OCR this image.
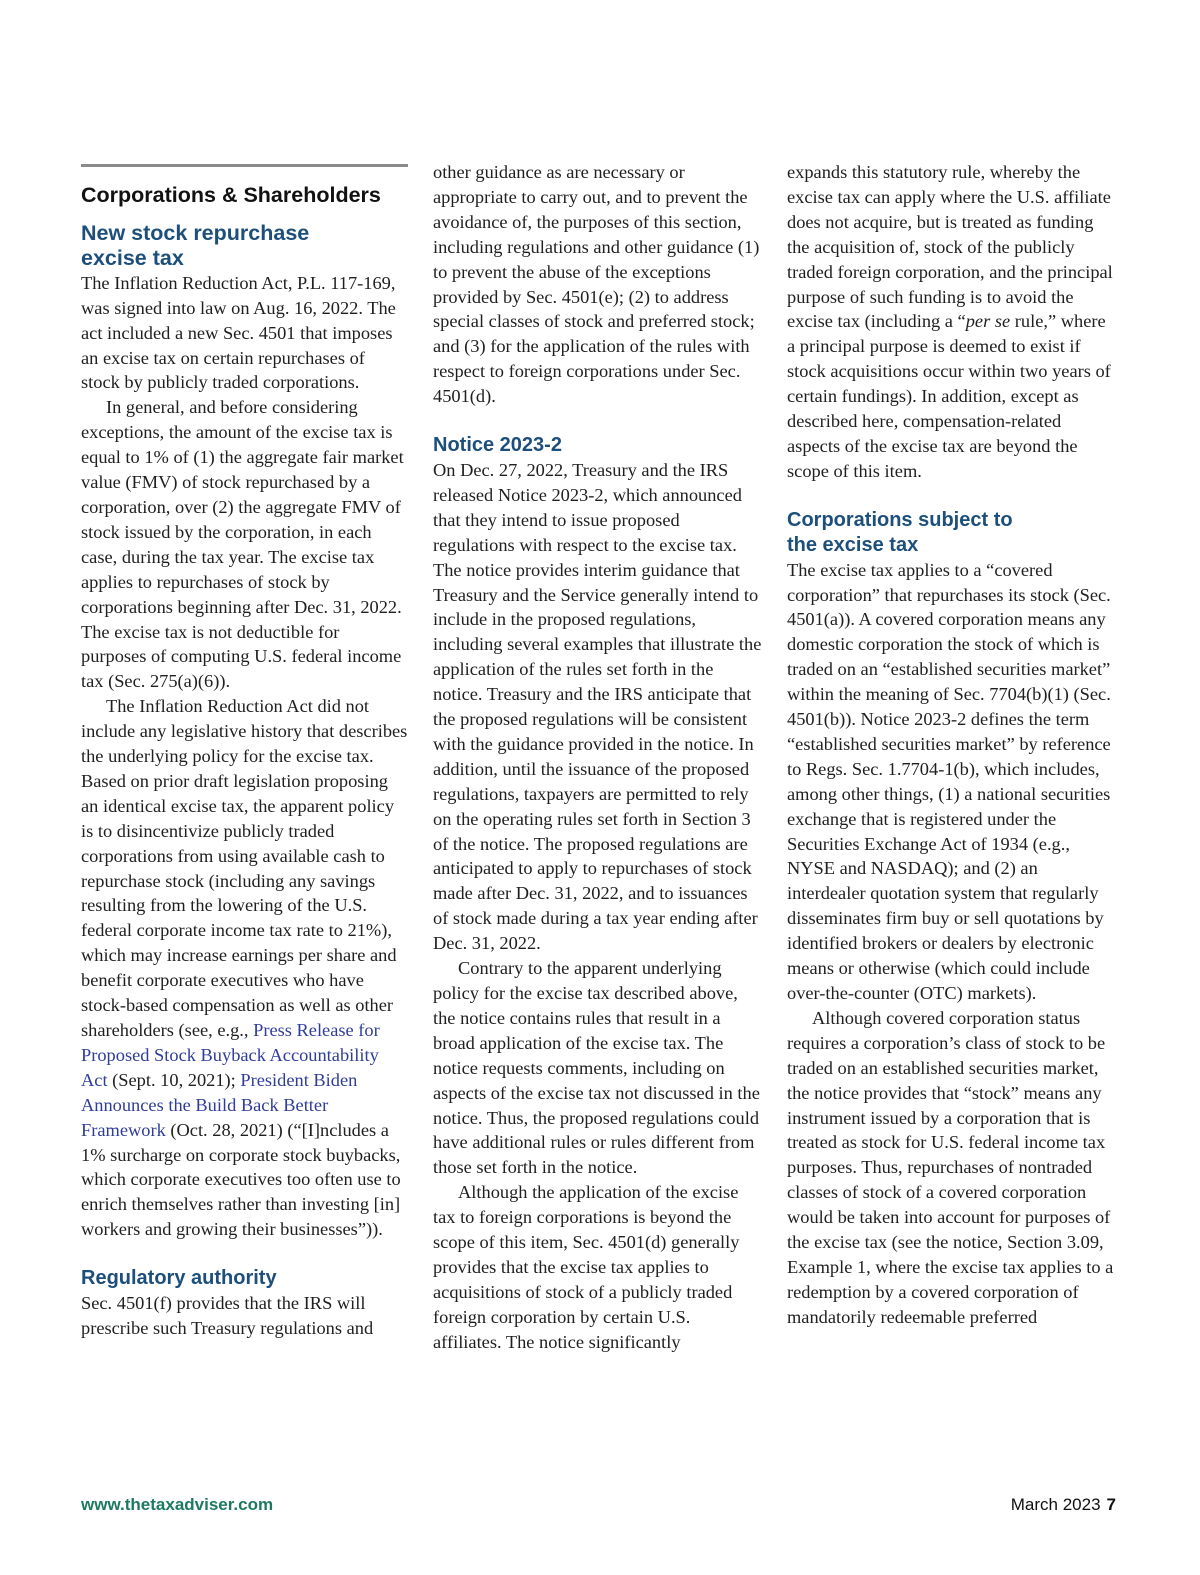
Corporations & Shareholders
New stock repurchase
excise tax

The Inflation Reduction Act, P.L. 117-169, was signed into law on Aug. 16, 2022. The act included a new Sec. 4501 that imposes an excise tax on certain repurchases of stock by publicly traded corporations.

In general, and before considering exceptions, the amount of the excise tax is equal to 1% of (1) the aggregate fair market value (FMV) of stock repurchased by a corporation, over (2) the aggregate FMV of stock issued by the corporation, in each case, during the tax year. The excise tax applies to repurchases of stock by corporations beginning after Dec. 31, 2022. The excise tax is not deductible for purposes of computing U.S. federal income tax (Sec. 275(a)(6)).

The Inflation Reduction Act did not include any legislative history that describes the underlying policy for the excise tax. Based on prior draft legislation proposing an identical excise tax, the apparent policy is to disincentivize publicly traded corporations from using available cash to repurchase stock (including any savings resulting from the lowering of the U.S. federal corporate income tax rate to 21%), which may increase earnings per share and benefit corporate executives who have stock-based compensation as well as other shareholders (see, e.g., Press Release for Proposed Stock Buyback Accountability Act (Sept. 10, 2021); President Biden Announces the Build Back Better Framework (Oct. 28, 2021) (“[I]ncludes a 1% surcharge on corporate stock buybacks, which corporate executives too often use to enrich themselves rather than investing [in] workers and growing their businesses”)).

Regulatory authority

Sec. 4501(f) provides that the IRS will prescribe such Treasury regulations and

other guidance as are necessary or appropriate to carry out, and to prevent the avoidance of, the purposes of this section, including regulations and other guidance (1) to prevent the abuse of the exceptions provided by Sec. 4501(e); (2) to address special classes of stock and preferred stock; and (3) for the application of the rules with respect to foreign corporations under Sec. 4501(d).

Notice 2023-2

On Dec. 27, 2022, Treasury and the IRS released Notice 2023-2, which announced that they intend to issue proposed regulations with respect to the excise tax. The notice provides interim guidance that Treasury and the Service generally intend to include in the proposed regulations, including several examples that illustrate the application of the rules set forth in the notice. Treasury and the IRS anticipate that the proposed regulations will be consistent with the guidance provided in the notice. In addition, until the issuance of the proposed regulations, taxpayers are permitted to rely on the operating rules set forth in Section 3 of the notice. The proposed regulations are anticipated to apply to repurchases of stock made after Dec. 31, 2022, and to issuances of stock made during a tax year ending after Dec. 31, 2022.

Contrary to the apparent underlying policy for the excise tax described above, the notice contains rules that result in a broad application of the excise tax. The notice requests comments, including on aspects of the excise tax not discussed in the notice. Thus, the proposed regulations could have additional rules or rules different from those set forth in the notice.

Although the application of the excise tax to foreign corporations is beyond the scope of this item, Sec. 4501(d) generally provides that the excise tax applies to acquisitions of stock of a publicly traded foreign corporation by certain U.S. affiliates. The notice significantly

expands this statutory rule, whereby the excise tax can apply where the U.S. affiliate does not acquire, but is treated as funding the acquisition of, stock of the publicly traded foreign corporation, and the principal purpose of such funding is to avoid the excise tax (including a “per se rule,” where a principal purpose is deemed to exist if stock acquisitions occur within two years of certain fundings). In addition, except as described here, compensation-related aspects of the excise tax are beyond the scope of this item.

Corporations subject to
the excise tax

The excise tax applies to a “covered corporation” that repurchases its stock (Sec. 4501(a)). A covered corporation means any domestic corporation the stock of which is traded on an “established securities market” within the meaning of Sec. 7704(b)(1) (Sec. 4501(b)). Notice 2023-2 defines the term “established securities market” by reference to Regs. Sec. 1.7704-1(b), which includes, among other things, (1) a national securities exchange that is registered under the Securities Exchange Act of 1934 (e.g., NYSE and NASDAQ); and (2) an interdealer quotation system that regularly disseminates firm buy or sell quotations by identified brokers or dealers by electronic means or otherwise (which could include over-the-counter (OTC) markets).

Although covered corporation status requires a corporation’s class of stock to be traded on an established securities market, the notice provides that “stock” means any instrument issued by a corporation that is treated as stock for U.S. federal income tax purposes. Thus, repurchases of nontraded classes of stock of a covered corporation would be taken into account for purposes of the excise tax (see the notice, Section 3.09, Example 1, where the excise tax applies to a redemption by a covered corporation of mandatorily redeemable preferred

www.thetaxadviser.com	March 2023 7
